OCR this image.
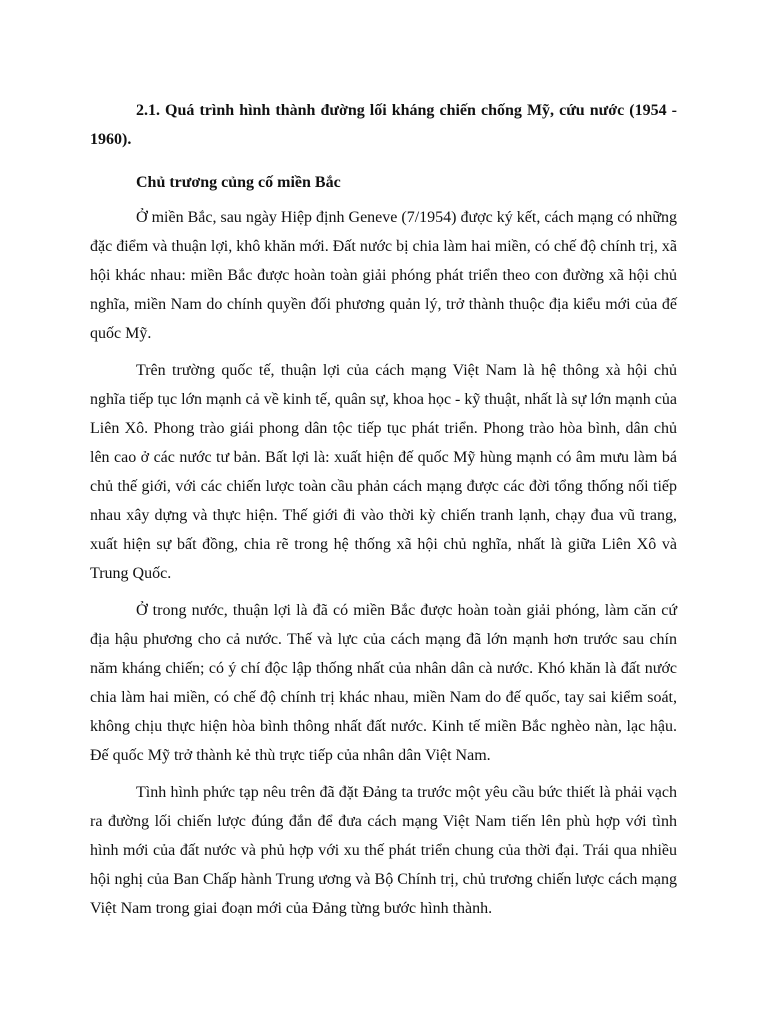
2.1. Quá trình hình thành đường lối kháng chiến chống Mỹ, cứu nước (1954 - 1960).

Chủ trương củng cố miền Bắc

Ở miền Bắc, sau ngày Hiệp định Geneve (7/1954) được ký kết, cách mạng có những đặc điểm và thuận lợi, khô khăn mới. Đất nước bị chia làm hai miền, có chế độ chính trị, xã hội khác nhau: miền Bắc được hoàn toàn giải phóng phát triển theo con đường xã hội chủ nghĩa, miền Nam do chính quyền đối phương quản lý, trở thành thuộc địa kiểu mới của đế quốc Mỹ.

Trên trường quốc tế, thuận lợi của cách mạng Việt Nam là hệ thông xà hội chủ nghĩa tiếp tục lớn mạnh cả về kinh tế, quân sự, khoa học - kỹ thuật, nhất là sự lớn mạnh của Liên Xô. Phong trào giái phong dân tộc tiếp tục phát triển. Phong trào hòa bình, dân chủ lên cao ở các nước tư bản. Bất lợi là: xuất hiện đế quốc Mỹ hùng mạnh có âm mưu làm bá chủ thế giới, với các chiến lược toàn cầu phản cách mạng được các đời tổng thống nối tiếp nhau xây dựng và thực hiện. Thế giới đi vào thời kỳ chiến tranh lạnh, chạy đua vũ trang, xuất hiện sự bất đồng, chia rẽ trong hệ thống xã hội chủ nghĩa, nhất là giữa Liên Xô và Trung Quốc.

Ở trong nước, thuận lợi là đã có miền Bắc được hoàn toàn giải phóng, làm căn cứ địa hậu phương cho cả nước. Thế và lực của cách mạng đã lớn mạnh hơn trước sau chín năm kháng chiến; có ý chí độc lập thống nhất của nhân dân cà nước. Khó khăn là đất nước chia làm hai miền, có chế độ chính trị khác nhau, miền Nam do đế quốc, tay sai kiểm soát, không chịu thực hiện hòa bình thông nhất đất nước. Kinh tế miền Bắc nghèo nàn, lạc hậu. Đế quốc Mỹ trở thành kẻ thù trực tiếp của nhân dân Việt Nam.

Tình hình phức tạp nêu trên đã đặt Đảng ta trước một yêu cầu bức thiết là phải vạch ra đường lối chiến lược đúng đắn để đưa cách mạng Việt Nam tiến lên phù hợp với tình hình mới của đất nước và phủ hợp với xu thế phát triển chung của thời đại. Trái qua nhiều hội nghị của Ban Chấp hành Trung ương và Bộ Chính trị, chủ trương chiến lược cách mạng Việt Nam trong giai đoạn mới của Đảng từng bước hình thành.
